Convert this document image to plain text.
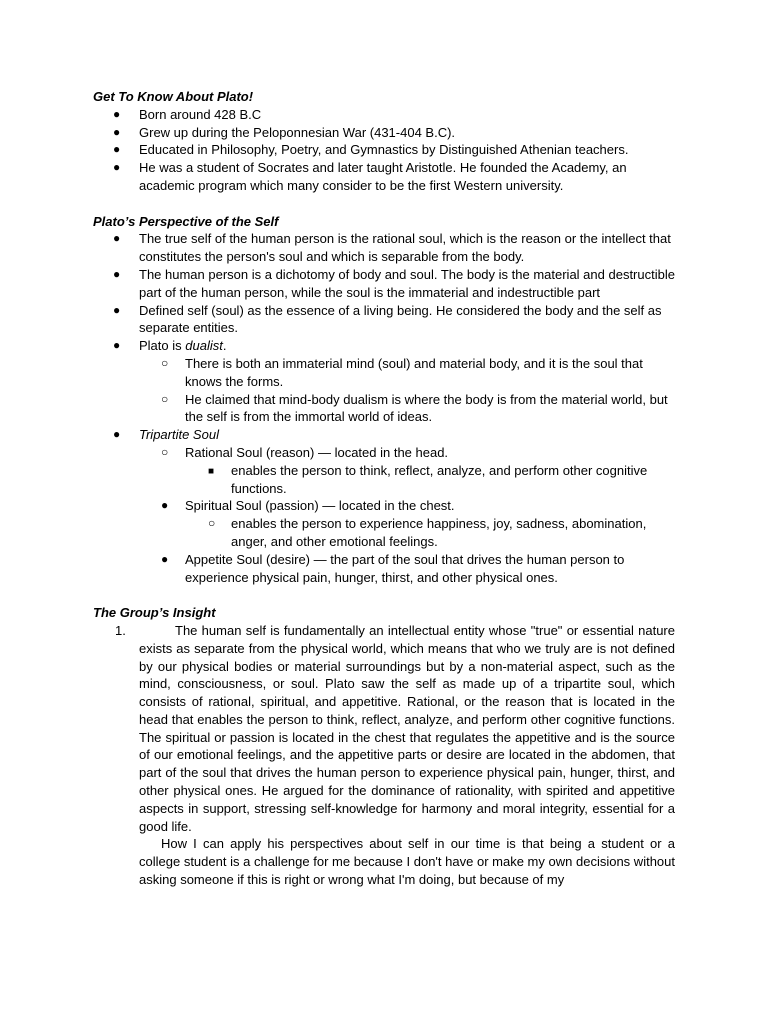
Get To Know About Plato!

● Born around 428 B.C
● Grew up during the Peloponnesian War (431-404 B.C).
● Educated in Philosophy, Poetry, and Gymnastics by Distinguished Athenian teachers.
● He was a student of Socrates and later taught Aristotle. He founded the Academy, an academic program which many consider to be the first Western university.

Plato’s Perspective of the Self

● The true self of the human person is the rational soul, which is the reason or the intellect that constitutes the person's soul and which is separable from the body.
● The human person is a dichotomy of body and soul. The body is the material and destructible part of the human person, while the soul is the immaterial and indestructible part
● Defined self (soul) as the essence of a living being. He considered the body and the self as separate entities.
● Plato is dualist.
○ There is both an immaterial mind (soul) and material body, and it is the soul that knows the forms.
○ He claimed that mind-body dualism is where the body is from the material world, but the self is from the immortal world of ideas.
● Tripartite Soul
○ Rational Soul (reason) — located in the head.
■ enables the person to think, reflect, analyze, and perform other cognitive functions.
● Spiritual Soul (passion) — located in the chest.
○ enables the person to experience happiness, joy, sadness, abomination, anger, and other emotional feelings.
● Appetite Soul (desire) — the part of the soul that drives the human person to experience physical pain, hunger, thirst, and other physical ones.

The Group’s Insight

1.	The human self is fundamentally an intellectual entity whose "true" or essential nature exists as separate from the physical world, which means that who we truly are is not defined by our physical bodies or material surroundings but by a non-material aspect, such as the mind, consciousness, or soul. Plato saw the self as made up of a tripartite soul, which consists of rational, spiritual, and appetitive. Rational, or the reason that is located in the head that enables the person to think, reflect, analyze, and perform other cognitive functions. The spiritual or passion is located in the chest that regulates the appetitive and is the source of our emotional feelings, and the appetitive parts or desire are located in the abdomen, that part of the soul that drives the human person to experience physical pain, hunger, thirst, and other physical ones. He argued for the dominance of rationality, with spirited and appetitive aspects in support, stressing self-knowledge for harmony and moral integrity, essential for a good life.

How I can apply his perspectives about self in our time is that being a student or a college student is a challenge for me because I don't have or make my own decisions without asking someone if this is right or wrong what I'm doing, but because of my
